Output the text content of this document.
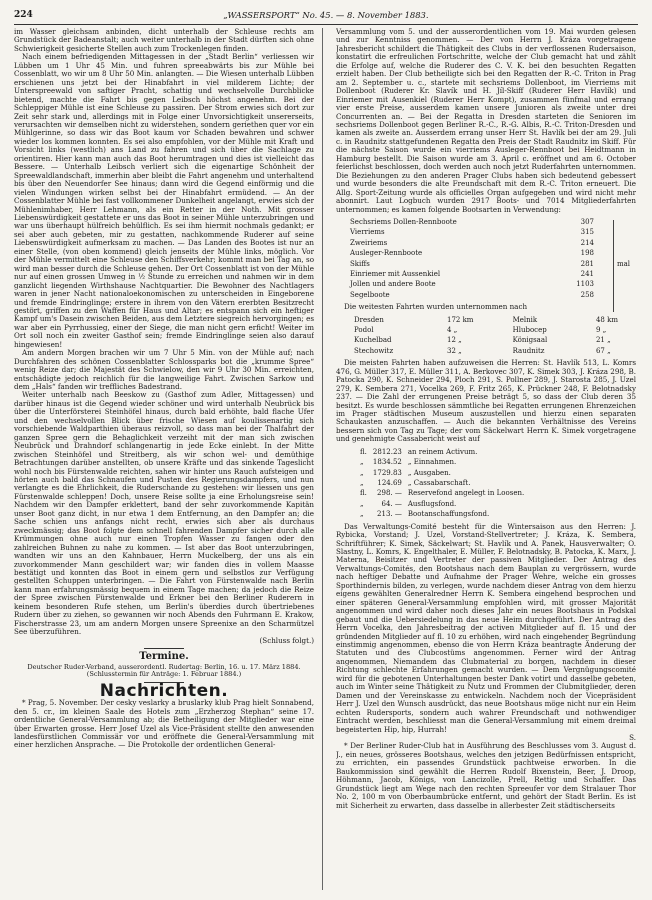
224	„WASSERSPORT“ No. 45. — 8. November 1883.

im Wasser gleichsam anbinden, dicht unterhalb der Schleuse rechts am Grundstück der Badeanstalt; auch weiter unterhalb in der Stadt dürften sich ohne Schwierigkeit gesicherte Stellen auch zum Trockenlegen finden.

Nach einem befriedigenden Mittagessen in der „Stadt Berlin“ verliessen wir Lübben um 1 Uhr 45 Min. und fuhren spreeabwärts bis zur Mühle bei Cossenblatt, wo wir um 8 Uhr 50 Min. anlangten. — Die Wiesen unterhalb Lübben erschienen uns jetzt bei der Hinabfahrt in viel milderem Lichte; der Unterspreewald von saftiger Pracht, schattig und wechselvolle Durchblicke bietend, machte die Fahrt bis gegen Leibsch höchst angenehm. Bei der Schleppiger Mühle ist eine Schleuse zu passiren. Der Strom erwies sich dort zur Zeit sehr stark und, allerdings mit in Folge einer Unvorsichtigkeit unsererseits, verursachten wir demselben nicht zu widerstehen, sondern geriethen quer vor ein Mühlgerinne, so dass wir das Boot kaum vor Schaden bewahren und schwer wieder los kommen konnten. Es sei also empfohlen, vor der Mühle mit Kraft und Vorsicht links (westlich) ans Land zu fahren und sich über die Sachlage zu orientiren. Hier kann man auch das Boot herumtragen und dies ist vielleicht das Bessere. — Unterhalb Leibsch verliert sich die eigenartige Schönheit der Spreewaldlandschaft, immerhin aber bleibt die Fahrt angenehm und unterhaltend bis über den Neuendorfer See hinaus; dann wird die Gegend einförmig und die vielen Windungen wirken selbst bei der Hinabfahrt ermüdend. — An der Cossenblatter Mühle bei fast vollkommener Dunkelheit angelangt, erwies sich der Mühlenimhaber, Herr Lehmann, als ein Retter in der Noth. Mit grosser Liebenswürdigkeit gestattete er uns das Boot in seiner Mühle unterzubringen und war uns überhaupt hülfreich behülflich. Es sei ihm hiermit nochmals gedankt; er sei aber auch gebeten, mir zu gestatten, nachkommende Ruderer auf seine Liebenswürdigkeit aufmerksam zu machen. — Das Landen des Bootes ist nur an einer Stelle, (von oben kommend) gleich jenseits der Mühle links, möglich. Vor der Mühle vermittelt eine Schleuse den Schiffsverkehr; kommt man bei Tag an, so wird man besser durch die Schleuse gehen. Der Ort Cossenblatt ist von der Mühle nur auf einen grossen Umweg in ½ Stunde zu erreichen und nahmen wir in dem ganzlicht liegenden Wirthshause Nachtquartier. Die Bewohner des Nachtlagers waren in jener Nacht nationaloekonomischen zu unterscheiden in Eingeborene und fremde Eindringlinge; erstere in ihrem von den Vätern ererbten Besitzrecht gestört, griffen zu den Waffen für Haus und Altar; es entspann sich ein heftiger Kampf um's Dasein zwischen Beiden, aus dem Letztere siegreich hervorgingen; es war aber ein Pyrrhussieg, einer der Siege, die man nicht gern erficht! Weiter im Ort soll noch ein zweiter Gasthof sein; fremde Eindringlinge seien also darauf hingewiesen!

Am andern Morgen brachen wir um 7 Uhr 5 Min. von der Mühle auf; nach Durchfahren des schönen Cossenblatter Schlossparks bot die „krumme Spree“ wenig Reize dar; die Majestät des Schwielow, den wir 9 Uhr 30 Min. erreichten, entschädigte jedoch reichlich für die langweilige Fahrt. Zwischen Sarkow und dem „Hals“ fanden wir treffliches Badestrand.

Weiter unterhalb nach Beeskow zu (Gasthof zum Adler, Mittagessen) und darüber hinaus ist die Gegend wieder schöner und wird unterhalb Neubrück bis über die Unterförsterei Steinhöfel hinaus, durch bald erhöhte, bald flache Ufer und den wechselvollen Blick über frische Wiesen auf koulissenartig sich vorschiebende Waldparthien überaus reizvoll, so dass man bei der Thalfahrt der ganzen Spree gern die Behaglichkeit verzeiht mit der man sich zwischen Neubrück und Drahndorf schlangenartig in jede Ecke einlebt. In der Mitte zwischen Steinhöfel und Streitberg, als wir schon wel- und demüthige Betrachtungen darüber anstellten, ob unsere Kräfte und das sinkende Tageslicht wohl noch bis Fürstenwalde reichten, sahen wir hinter uns Rauch aufsteigen und hörten auch bald das Schnaufen und Pusten des Regierungsdampfers, und nun verlangte es die Ehrlichkeit, die Ruderschande zu gestehen: wir liessen uns gen Fürstenwalde schleppen! Doch, unsere Reise sollte ja eine Erholungsreise sein! Nachdem wir den Dampfer erklettert, band der sehr zuvorkommende Kapitän unser Boot ganz dicht, in nur etwa 1 dem Entfernung, an den Dampfer an; die Sache schien uns anfangs nicht recht, erwies sich aber als durchaus zweckmässig; das Boot folgte dem schnell fahrenden Dampfer sicher durch alle Krümmungen ohne auch nur einen Tropfen Wasser zu fangen oder den zahlreichen Buhnen zu nahe zu kommen. — Ist aber das Boot unterzubringen, wandten wir uns an den Kahnbauer, Herrn Muckelberg, der uns als ein zuvorkommender Mann geschildert war; wir fanden dies in vollem Maasse bestätigt und konnten das Boot in einem gern und selbstlos zur Verfügung gestellten Schuppen unterbringen. — Die Fahrt von Fürstenwalde nach Berlin kann man erfahrungsmässig bequem in einem Tage machen; da jedoch die Reize der Spree zwischen Fürstenwalde und Erkner bei den Berliner Ruderern in keinem besonderen Rufe stehen, um Berlin's überdies durch übertriebenes Rudern über zu ziehen, so gewannen wir noch Abends den Fuhrmann E. Krakow, Fischerstrasse 23, um am andern Morgen unsere Spreenixe an den Scharmützel See überzuführen.

(Schluss folgt.)
Termine.

Deutscher Ruder-Verband, ausserordentl. Rudertag: Berlin, 16. u. 17. März 1884. (Schlusstermin für Anträge: 1. Februar 1884.)

Nachrichten.

* Prag, 5. November. Der cesky veslarky a bruslarky klub Prag hielt Sonnabend, den 5. cr., im kleinen Saale des Hotels zum „Erzherzog Stephan“ seine 17. ordentliche General-Versammlung ab; die Betheiligung der Mitglieder war eine über Erwarten grosse. Herr Josef Uzel als Vice-Präsident stellte den anwesenden landesfürstlichen Commissär vor und eröffnete die General-Versammlung mit einer herzlichen Ansprache. — Die Protokolle der ordentlichen General-

Versammlung vom 5. und der ausserordentlichen vom 19. Mai wurden gelesen und zur Kenntniss genommen. — Der von Herrn J. Kráza vorgetragene Jahresbericht schildert die Thätigkeit des Clubs in der verflossenen Rudersaison, konstatirt die erfreulichen Fortschritte, welche der Club gemacht hat und zählt die Erfolge auf, welche die Ruderer des C. V. K. bei den besuchten Regatten erzielt haben. Der Club betheiligte sich bei den Regatten der R.-C. Triton in Prag am 2. September u. c., startete mit sechsriems Dollenboot, im Vierriems mit Dollenboot (Ruderer Kr. Slavík und H. Jíl-Skiff (Ruderer Herr Havlík) und Einriemer mit Ausenkiel (Ruderer Herr Kompt), zusammen fünfmal und errang vier erste Preise, ausserdem kamen unsere Junioren als zweite unter drei Concurrenten an. — Bei der Regatta in Dresden starteten die Senioren im sechsriems Dollenboot gegen Berliner R.-C., R.-G. Albis, R.-C. Triton-Dresden und kamen als zweite an. Ausserdem errang unser Herr St. Havlík bei der am 29. Juli c. in Raudnitz stattgefundenen Regatta den Preis der Stadt Raudnitz im Skiff. Für die nächste Saison wurde ein vierriems Ausleger-Rennboot bei Heidtmann in Hamburg bestellt. Die Saison wurde am 3. April c. eröffnet und am 6. October feierlichst beschlossen, doch werden auch noch jetzt Ruderfahrten unternommen. Die Beziehungen zu den anderen Prager Clubs haben sich bedeutend gebessert und wurde besonders die alte Freundschaft mit dem R.-C. Triton erneuert. Die Allg. Sport-Zeitung wurde als officielles Organ aufgegeben und wird nicht mehr abonnirt. Laut Logbuch wurden 2917 Boots- und 7014 Mitgliederfahrten unternommen; es kamen folgende Bootsarten in Verwendung:

Sechsriems Dollen-Rennboote	307
Vierriems	315
Zweiriems	214
Ausleger-Rennboote	198
Skiffs	281
Einriemer mit Aussenkiel	241
Jollen und andere Boote	1103
Segelboote	258
mal

Die weitesten Fahrten wurden unternommen nach

Dresden	172 km	Melnik	48 km
Podol	4 „	Hlubocep	9 „
Kuchelbad	12 „	Königsaal	21 „
Stechowitz	32 „	Raudnitz	67 „

Die meisten Fahrten haben aufzuweisen die Herren: St. Havlík 513, L. Komrs 476, G. Müller 317, E. Müller 311, A. Berkovec 307, K. Simek 303, J. Kráza 298, B. Patocka 290, K. Schneider 294, Ploch 291, S. Pollner 289, J. Starosta 285, J. Uzel 279, K. Sembera 271, Vocelka 269, F. Fritz 265, K. Prückner 248, F. Belotnadsky 237. — Die Zahl der errungenen Preise beträgt 5, so dass der Club deren 35 besitzt. Es wurde beschlossen sämmtliche bei Regatten errungenen Ehrenzeichen im Prager städtischen Museum auszustellen und hierzu einen separaten Schaukasten anzuschaffen. — Auch die bekannten Verhältnisse des Vereins bessern sich von Tag zu Tage; der vom Säckelwart Herrn K. Simek vorgetragene und genehmigte Cassabericht weist auf

fl.	2812.23	an reinem Activum.
„	1834.52	„ Einnahmen.
„	1729.83	„ Ausgaben.
„	124.69	„ Cassabarschaft.
fl.	298. —	Reservefond angelegt in Loosen.
„	64. —	Ausflugsfond.
„	213. —	Bootanschaffungsfond.

Das Verwaltungs-Comité besteht für die Wintersaison aus den Herren: J. Rybicka, Vorstand; J. Uzel, Vorstand-Stellvertreter; J. Kráza, K. Sembera, Schriftführer; K. Simek, Säckelwart; St. Havlík und A. Panek, Hausverwalter; O. Slastny, L. Komrs, K. Engelthaler, E. Müller, F. Belotnadsky, B. Patocka, K. Marx, J. Materna, Beisitzer und Vertreter der passiven Mitglieder. Der Antrag des Verwaltungs-Comités, den Bootshaus nach dem Bauplan zu vergrössern, wurde nach heftiger Debatte und Aufnahme der Prager Wehre, welche ein grosses Sporthindernis bilden, zu verlegen, wurde nachdem dieser Antrag von dem hierzu eigens gewählten Generalredner Herrn K. Sembera eingehend besprochen und einer späteren General-Versammlung empfohlen wird, mit grosser Majorität angenommen und wird daher noch dieses Jahr ein neues Bootshaus in Podskal gebaut und die Uebersiedelung in das neue Heim durchgeführt. Der Antrag des Herrn Vocelka, den Jahresbeitrag der activen Mitglieder auf fl. 15 und der gründenden Mitglieder auf fl. 10 zu erhöhen, wird nach eingehender Begründung einstimmig angenommen, ebenso die von Herrn Kráza beantragte Änderung der Statuten und des Clubcostüms angenommen. Ferner wird der Antrag angenommen, Niemandem das Clubmaterial zu borgen, nachdem in dieser Richtung schlechte Erfahrungen gemacht wurden. — Dem Vergnügungscomité wird für die gebotenen Unterhaltungen bester Dank votirt und dasselbe gebeten, auch im Winter seine Thätigkeit zu Nutz und Frommen der Clubmitglieder, deren Damen und der Vereinskasse zu entwickeln. Nachdem noch der Vicepräsident Herr J. Uzel den Wunsch ausdrückt, das neue Bootshaus möge nicht nur ein Heim echten Rudersports, sondern auch wahrer Freundschaft und nothwendiger Eintracht werden, beschliesst man die General-Versammlung mit einem dreimal begeisterten Hip, hip, Hurrah!

S.

* Der Berliner Ruder-Club hat in Ausführung des Beschlusses vom 3. August d. J., ein neues, grösseres Bootshaus, welches den jetzigen Bedürfnissen entspricht, zu errichten, ein passendes Grundstück pachtweise erworben. In die Baukommission sind gewählt die Herren Rudolf Bixenstein, Beer, J. Droop, Höhmann, Jacob, Königs, von Lancizolle, Prell, Rettig und Schaffer. Das Grundstück liegt am Wege nach den rechten Spreeufer vor dem Stralauer Thor No. 2, 100 m von Oberbaumbrücke entfernt, und gehört der Stadt Berlin. Es ist mit Sicherheit zu erwarten, dass dasselbe in allerbester Zeit städtischerseits
